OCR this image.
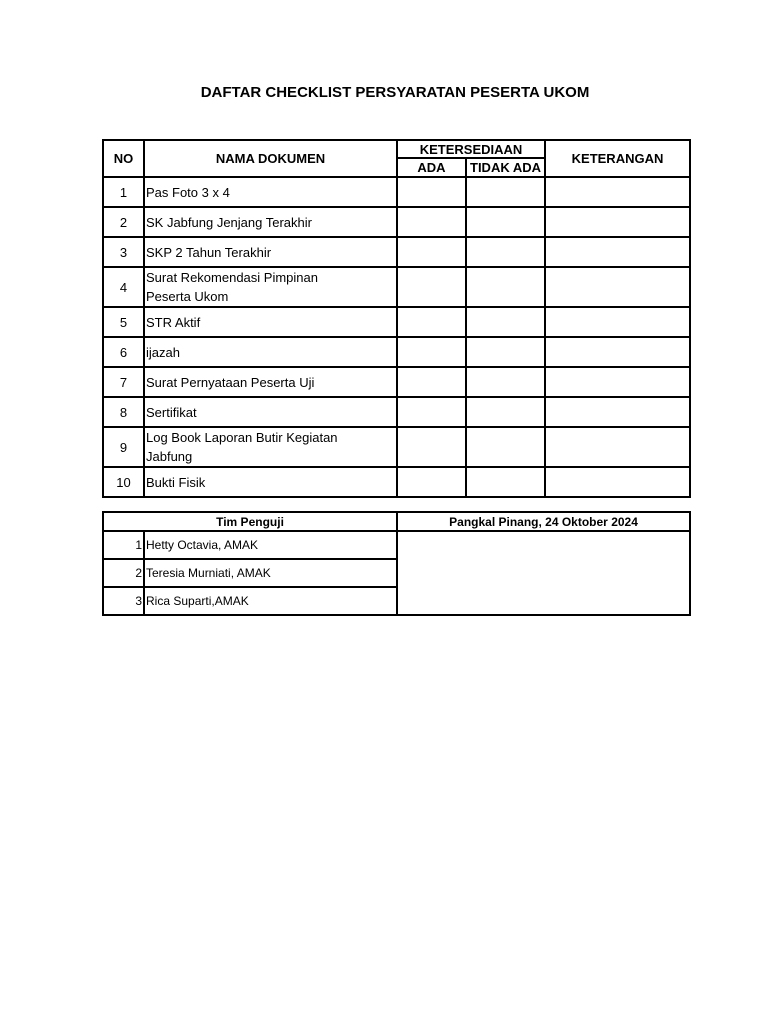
DAFTAR CHECKLIST PERSYARATAN PESERTA UKOM
NO	NAMA DOKUMEN	KETERSEDIAAN		KETERANGAN
		ADA	TIDAK ADA	
1	Pas Foto 3 x 4			
2	SK Jabfung Jenjang Terakhir			
3	SKP 2 Tahun Terakhir			
4	Surat Rekomendasi Pimpinan
Peserta Ukom			

5	STR Aktif			
6	ijazah			
7	Surat Pernyataan Peserta Uji			
8	Sertifikat			
9	Log Book Laporan Butir Kegiatan
Jabfung			

10	Bukti Fisik			
Tim Penguji		Pangkal Pinang, 24 Oktober 2024
1	Hetty Octavia, AMAK	
2	Teresia Murniati, AMAK	
3	Rica Suparti,AMAK	
